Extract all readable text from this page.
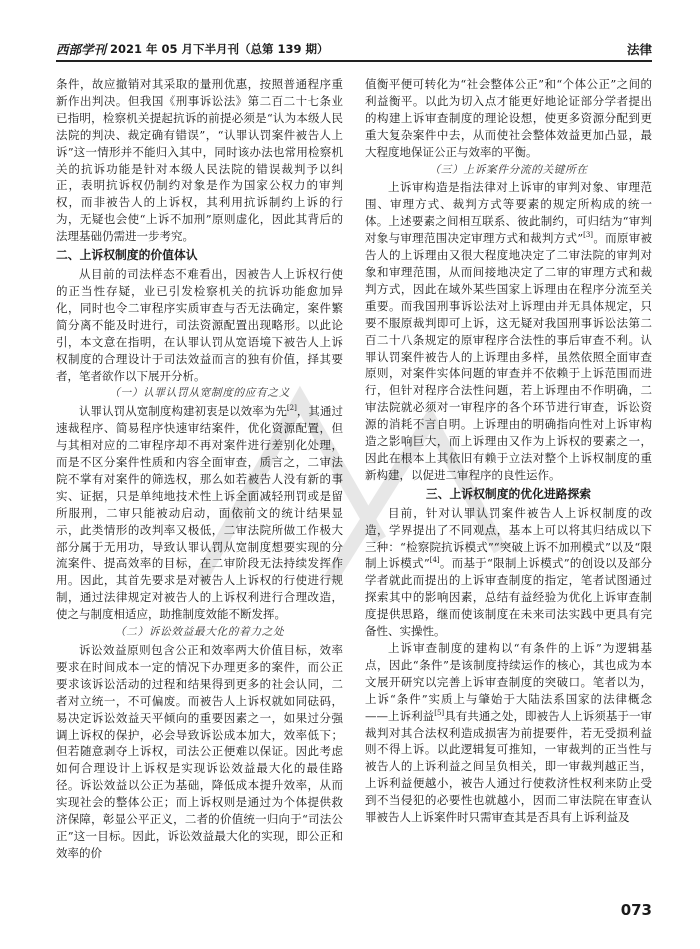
西部学刊 2021 年 05 月下半月刊（总第 139 期）	法律

条件，故应撤销对其采取的量刑优惠，按照普通程序重新作出判决。但我国《刑事诉讼法》第二百二十七条业已指明，检察机关提起抗诉的前提必须是“认为本级人民法院的判决、裁定确有错误”，“认罪认罚案件被告人上诉”这一情形并不能归入其中，同时该办法也常用检察机关的抗诉功能是针对本级人民法院的错误裁判予以纠正，表明抗诉权仍制约对象是作为国家公权力的审判权，而非被告人的上诉权，其利用抗诉制约上诉的行为，无疑也会使“上诉不加刑”原则虚化，因此其背后的法理基础仍需进一步考究。

二、上诉权制度的价值体认

从目前的司法样态不难看出，因被告人上诉权行使的正当性存疑，业已引发检察机关的抗诉功能愈加异化，同时也令二审程序实质审查与否无法确定，案件繁简分离不能及时进行，司法资源配置出现略形。以此论引，本文意在指明，在认罪认罚从宽语境下被告人上诉权制度的合理设计于司法效益而言的独有价值，择其要者，笔者欲作以下展开分析。

（一）认罪认罚从宽制度的应有之义

认罪认罚从宽制度构建初衷是以效率为先[2]，其通过速裁程序、简易程序快速审结案件，优化资源配置，但与其相对应的二审程序却不再对案件进行差别化处理，而是不区分案件性质和内容全面审查，质言之，二审法院不掌有对案件的筛选权，那么如若被告人没有新的事实、证据，只是单纯地技术性上诉全面减轻刑罚或是留所服刑，二审只能被动启动，面依前文的统计结果显示，此类情形的改判率又极低，二审法院所做工作极大部分属于无用功，导致认罪认罚从宽制度想要实现的分流案件、提高效率的目标，在二审阶段无法持续发挥作用。因此，其首先要求是对被告人上诉权的行使进行规制，通过法律规定对被告人的上诉权利进行合理改造，使之与制度相适应，助推制度效能不断发挥。

（二）诉讼效益最大化的着力之处

诉讼效益原则包含公正和效率两大价值目标，效率要求在时间成本一定的情况下办理更多的案件，而公正要求该诉讼活动的过程和结果得到更多的社会认同，二者对立统一，不可偏废。而被告人上诉权就如同砝码，易决定诉讼效益天平倾向的重要因素之一，如果过分强调上诉权的保护，必会导致诉讼成本加大，效率低下；但若随意剥夺上诉权，司法公正便难以保证。因此考虑如何合理设计上诉权是实现诉讼效益最大化的最佳路径。诉讼效益以公正为基础，降低成本提升效率，从而实现社会的整体公正；而上诉权则是通过为个体提供救济保障，彰显公平正义，二者的价值统一归向于“司法公正”这一目标。因此，诉讼效益最大化的实现，即公正和效率的价

值衡平便可转化为“社会整体公正”和“个体公正”之间的利益衡平。以此为切入点才能更好地论证部分学者提出的构建上诉审查制度的理论设想，使更多资源分配到更重大复杂案件中去，从而使社会整体效益更加凸显，最大程度地保证公正与效率的平衡。

（三）上诉案件分流的关键所在

上诉审构造是指法律对上诉审的审判对象、审理范围、审理方式、裁判方式等要素的规定所构成的统一体。上述要素之间相互联系、彼此制约，可归结为“审判对象与审理范围决定审理方式和裁判方式”[3]。而原审被告人的上诉理由又很大程度地决定了二审法院的审判对象和审理范围，从而间接地决定了二审的审理方式和裁判方式，因此在域外某些国家上诉理由在程序分流至关重要。而我国刑事诉讼法对上诉理由并无具体规定，只要不服原裁判即可上诉，这无疑对我国刑事诉讼法第二百二十八条规定的原审程序合法性的事后审查不利。认罪认罚案件被告人的上诉理由多样，虽然依照全面审查原则，对案件实体问题的审查并不依赖于上诉范围而进行，但针对程序合法性问题，若上诉理由不作明确，二审法院就必须对一审程序的各个环节进行审查，诉讼资源的消耗不言自明。上诉理由的明确指向性对上诉审构造之影响巨大，而上诉理由又作为上诉权的要素之一，因此在根本上其依旧有赖于立法对整个上诉权制度的重新构建，以促进二审程序的良性运作。

三、上诉权制度的优化进路探索

目前，针对认罪认罚案件被告人上诉权制度的改造，学界提出了不同观点，基本上可以将其归结成以下三种：“检察院抗诉模式”“突破上诉不加刑模式”以及“限制上诉模式”[4]。而基于“限制上诉模式”的创设以及部分学者就此而提出的上诉审查制度的指定，笔者试图通过探索其中的影响因素，总结有益经验为优化上诉审查制度提供思路，继而使该制度在未来司法实践中更具有完备性、实操性。

上诉审查制度的建构以“有条件的上诉”为逻辑基点，因此“条件”是该制度持续运作的核心，其也成为本文展开研究以完善上诉审查制度的突破口。笔者以为，上诉“条件”实质上与肇始于大陆法系国家的法律概念——上诉利益[5]具有共通之处，即被告人上诉须基于一审裁判对其合法权利造成损害为前提要件，若无受损利益则不得上诉。以此逻辑复可推知，一审裁判的正当性与被告人的上诉利益之间呈负相关，即一审裁判越正当，上诉利益便越小，被告人通过行使救济性权利来防止受到不当侵犯的必要性也就越小，因而二审法院在审查认罪被告人上诉案件时只需审查其是否具有上诉利益及

073
